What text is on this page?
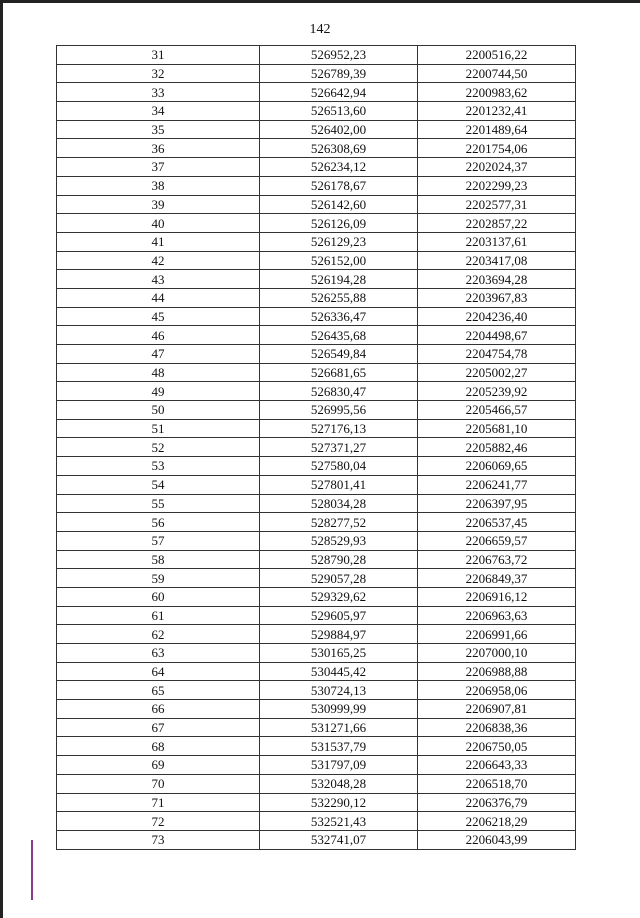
142
31	526952,23	2200516,22
32	526789,39	2200744,50
33	526642,94	2200983,62
34	526513,60	2201232,41
35	526402,00	2201489,64
36	526308,69	2201754,06
37	526234,12	2202024,37
38	526178,67	2202299,23
39	526142,60	2202577,31
40	526126,09	2202857,22
41	526129,23	2203137,61
42	526152,00	2203417,08
43	526194,28	2203694,28
44	526255,88	2203967,83
45	526336,47	2204236,40
46	526435,68	2204498,67
47	526549,84	2204754,78
48	526681,65	2205002,27
49	526830,47	2205239,92
50	526995,56	2205466,57
51	527176,13	2205681,10
52	527371,27	2205882,46
53	527580,04	2206069,65
54	527801,41	2206241,77
55	528034,28	2206397,95
56	528277,52	2206537,45
57	528529,93	2206659,57
58	528790,28	2206763,72
59	529057,28	2206849,37
60	529329,62	2206916,12
61	529605,97	2206963,63
62	529884,97	2206991,66
63	530165,25	2207000,10
64	530445,42	2206988,88
65	530724,13	2206958,06
66	530999,99	2206907,81
67	531271,66	2206838,36
68	531537,79	2206750,05
69	531797,09	2206643,33
70	532048,28	2206518,70
71	532290,12	2206376,79
72	532521,43	2206218,29
73	532741,07	2206043,99
